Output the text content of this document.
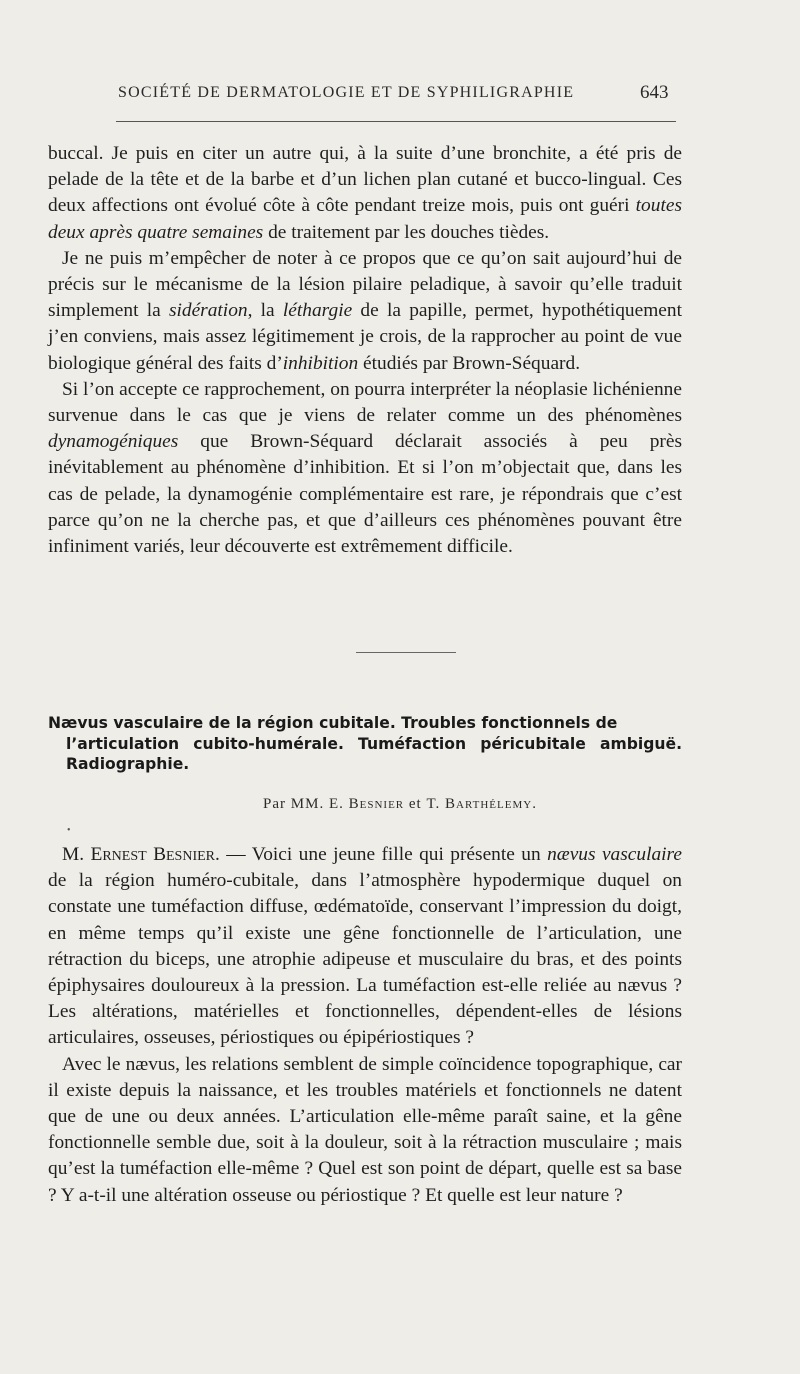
SOCIÉTÉ DE DERMATOLOGIE ET DE SYPHILIGRAPHIE	643

buccal. Je puis en citer un autre qui, à la suite d’une bronchite, a été pris de pelade de la tête et de la barbe et d’un lichen plan cutané et bucco-lingual. Ces deux affections ont évolué côte à côte pendant treize mois, puis ont guéri toutes deux après quatre semaines de traitement par les douches tièdes.

Je ne puis m’empêcher de noter à ce propos que ce qu’on sait aujourd’hui de précis sur le mécanisme de la lésion pilaire peladique, à savoir qu’elle traduit simplement la sidération, la léthargie de la papille, permet, hypothétiquement j’en conviens, mais assez légitimement je crois, de la rapprocher au point de vue biologique général des faits d’inhibition étudiés par Brown-Séquard.

Si l’on accepte ce rapprochement, on pourra interpréter la néoplasie lichénienne survenue dans le cas que je viens de relater comme un des phénomènes dynamogéniques que Brown-Séquard déclarait associés à peu près inévitablement au phénomène d’inhibition. Et si l’on m’objectait que, dans les cas de pelade, la dynamogénie complémentaire est rare, je répondrais que c’est parce qu’on ne la cherche pas, et que d’ailleurs ces phénomènes pouvant être infiniment variés, leur découverte est extrêmement difficile.

Nævus vasculaire de la région cubitale. Troubles fonctionnels de
l’articulation cubito-humérale. Tuméfaction péricubitale ambiguë. Radiographie.
Par MM. E. Besnier et T. Barthélemy.
•

M. Ernest Besnier. — Voici une jeune fille qui présente un nævus vasculaire de la région huméro-cubitale, dans l’atmosphère hypodermique duquel on constate une tuméfaction diffuse, œdématoïde, conservant l’impression du doigt, en même temps qu’il existe une gêne fonctionnelle de l’articulation, une rétraction du biceps, une atrophie adipeuse et musculaire du bras, et des points épiphysaires douloureux à la pression. La tuméfaction est-elle reliée au nævus ? Les altérations, matérielles et fonctionnelles, dépendent-elles de lésions articulaires, osseuses, périostiques ou épipériostiques ?

Avec le nævus, les relations semblent de simple coïncidence topographique, car il existe depuis la naissance, et les troubles matériels et fonctionnels ne datent que de une ou deux années. L’articulation elle-même paraît saine, et la gêne fonctionnelle semble due, soit à la douleur, soit à la rétraction musculaire ; mais qu’est la tuméfaction elle-même ? Quel est son point de départ, quelle est sa base ? Y a-t-il une altération osseuse ou périostique ? Et quelle est leur nature ?
